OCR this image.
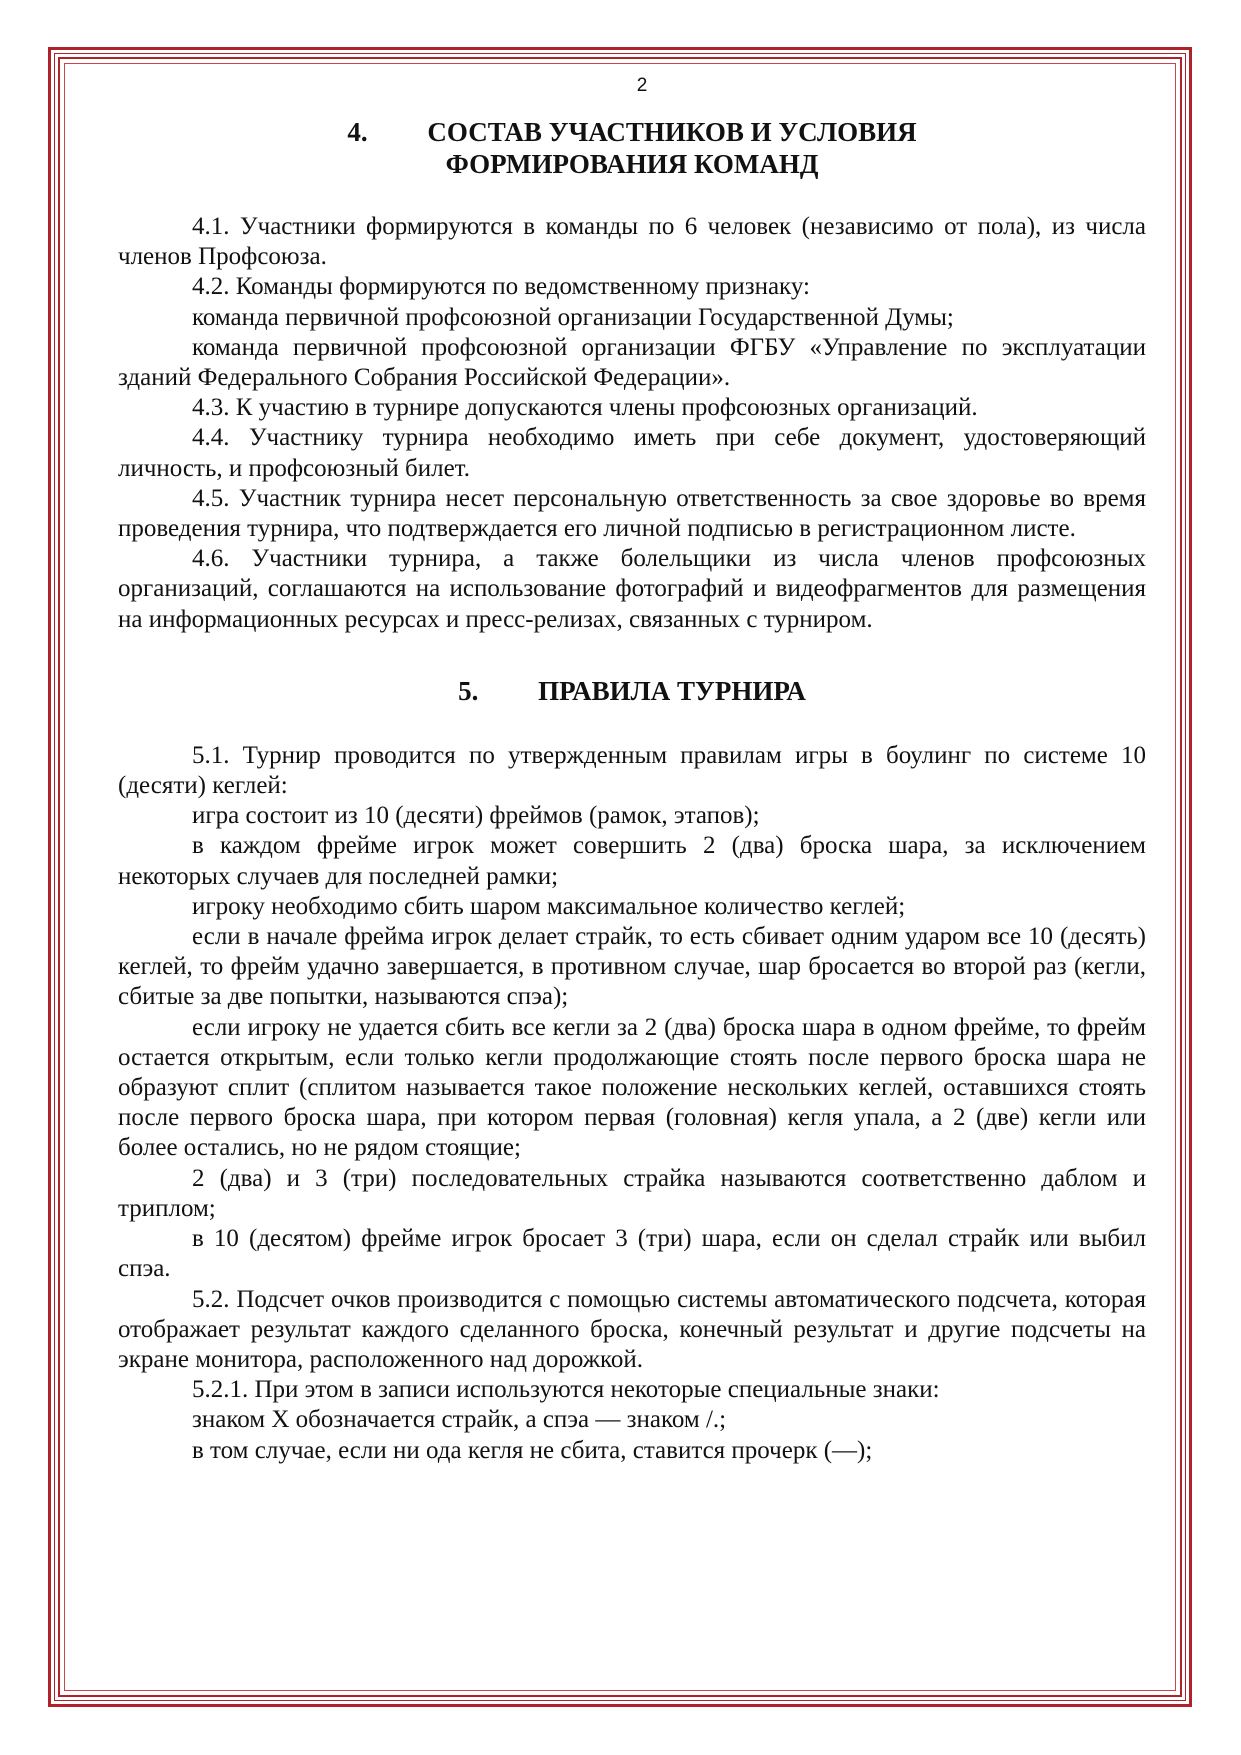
2
4. СОСТАВ УЧАСТНИКОВ И УСЛОВИЯ
ФОРМИРОВАНИЯ КОМАНД

4.1. Участники формируются в команды по 6 человек (независимо от пола), из числа членов Профсоюза.

4.2. Команды формируются по ведомственному признаку:

команда первичной профсоюзной организации Государственной Думы;

команда первичной профсоюзной организации ФГБУ «Управление по эксплуатации зданий Федерального Собрания Российской Федерации».

4.3. К участию в турнире допускаются члены профсоюзных организаций.

4.4. Участнику турнира необходимо иметь при себе документ, удостоверяющий личность, и профсоюзный билет.

4.5. Участник турнира несет персональную ответственность за свое здоровье во время проведения турнира, что подтверждается его личной подписью в регистрационном листе.

4.6. Участники турнира, а также болельщики из числа членов профсоюзных организаций, соглашаются на использование фотографий и видеофрагментов для размещения на информационных ресурсах и пресс-релизах, связанных с турниром.

5. ПРАВИЛА ТУРНИРА

5.1. Турнир проводится по утвержденным правилам игры в боулинг по системе 10 (десяти) кеглей:

игра состоит из 10 (десяти) фреймов (рамок, этапов);

в каждом фрейме игрок может совершить 2 (два) броска шара, за исключением некоторых случаев для последней рамки;

игроку необходимо сбить шаром максимальное количество кеглей;

если в начале фрейма игрок делает страйк, то есть сбивает одним ударом все 10 (десять) кеглей, то фрейм удачно завершается, в противном случае, шар бросается во второй раз (кегли, сбитые за две попытки, называются спэа);

если игроку не удается сбить все кегли за 2 (два) броска шара в одном фрейме, то фрейм остается открытым, если только кегли продолжающие стоять после первого броска шара не образуют сплит (сплитом называется такое положение нескольких кеглей, оставшихся стоять после первого броска шара, при котором первая (головная) кегля упала, а 2 (две) кегли или более остались, но не рядом стоящие;

2 (два) и 3 (три) последовательных страйка называются соответственно даблом и триплом;

в 10 (десятом) фрейме игрок бросает 3 (три) шара, если он сделал страйк или выбил спэа.

5.2. Подсчет очков производится с помощью системы автоматического подсчета, которая отображает результат каждого сделанного броска, конечный результат и другие подсчеты на экране монитора, расположенного над дорожкой.

5.2.1. При этом в записи используются некоторые специальные знаки:

знаком Х обозначается страйк, а спэа — знаком /.;

в том случае, если ни ода кегля не сбита, ставится прочерк (—);
